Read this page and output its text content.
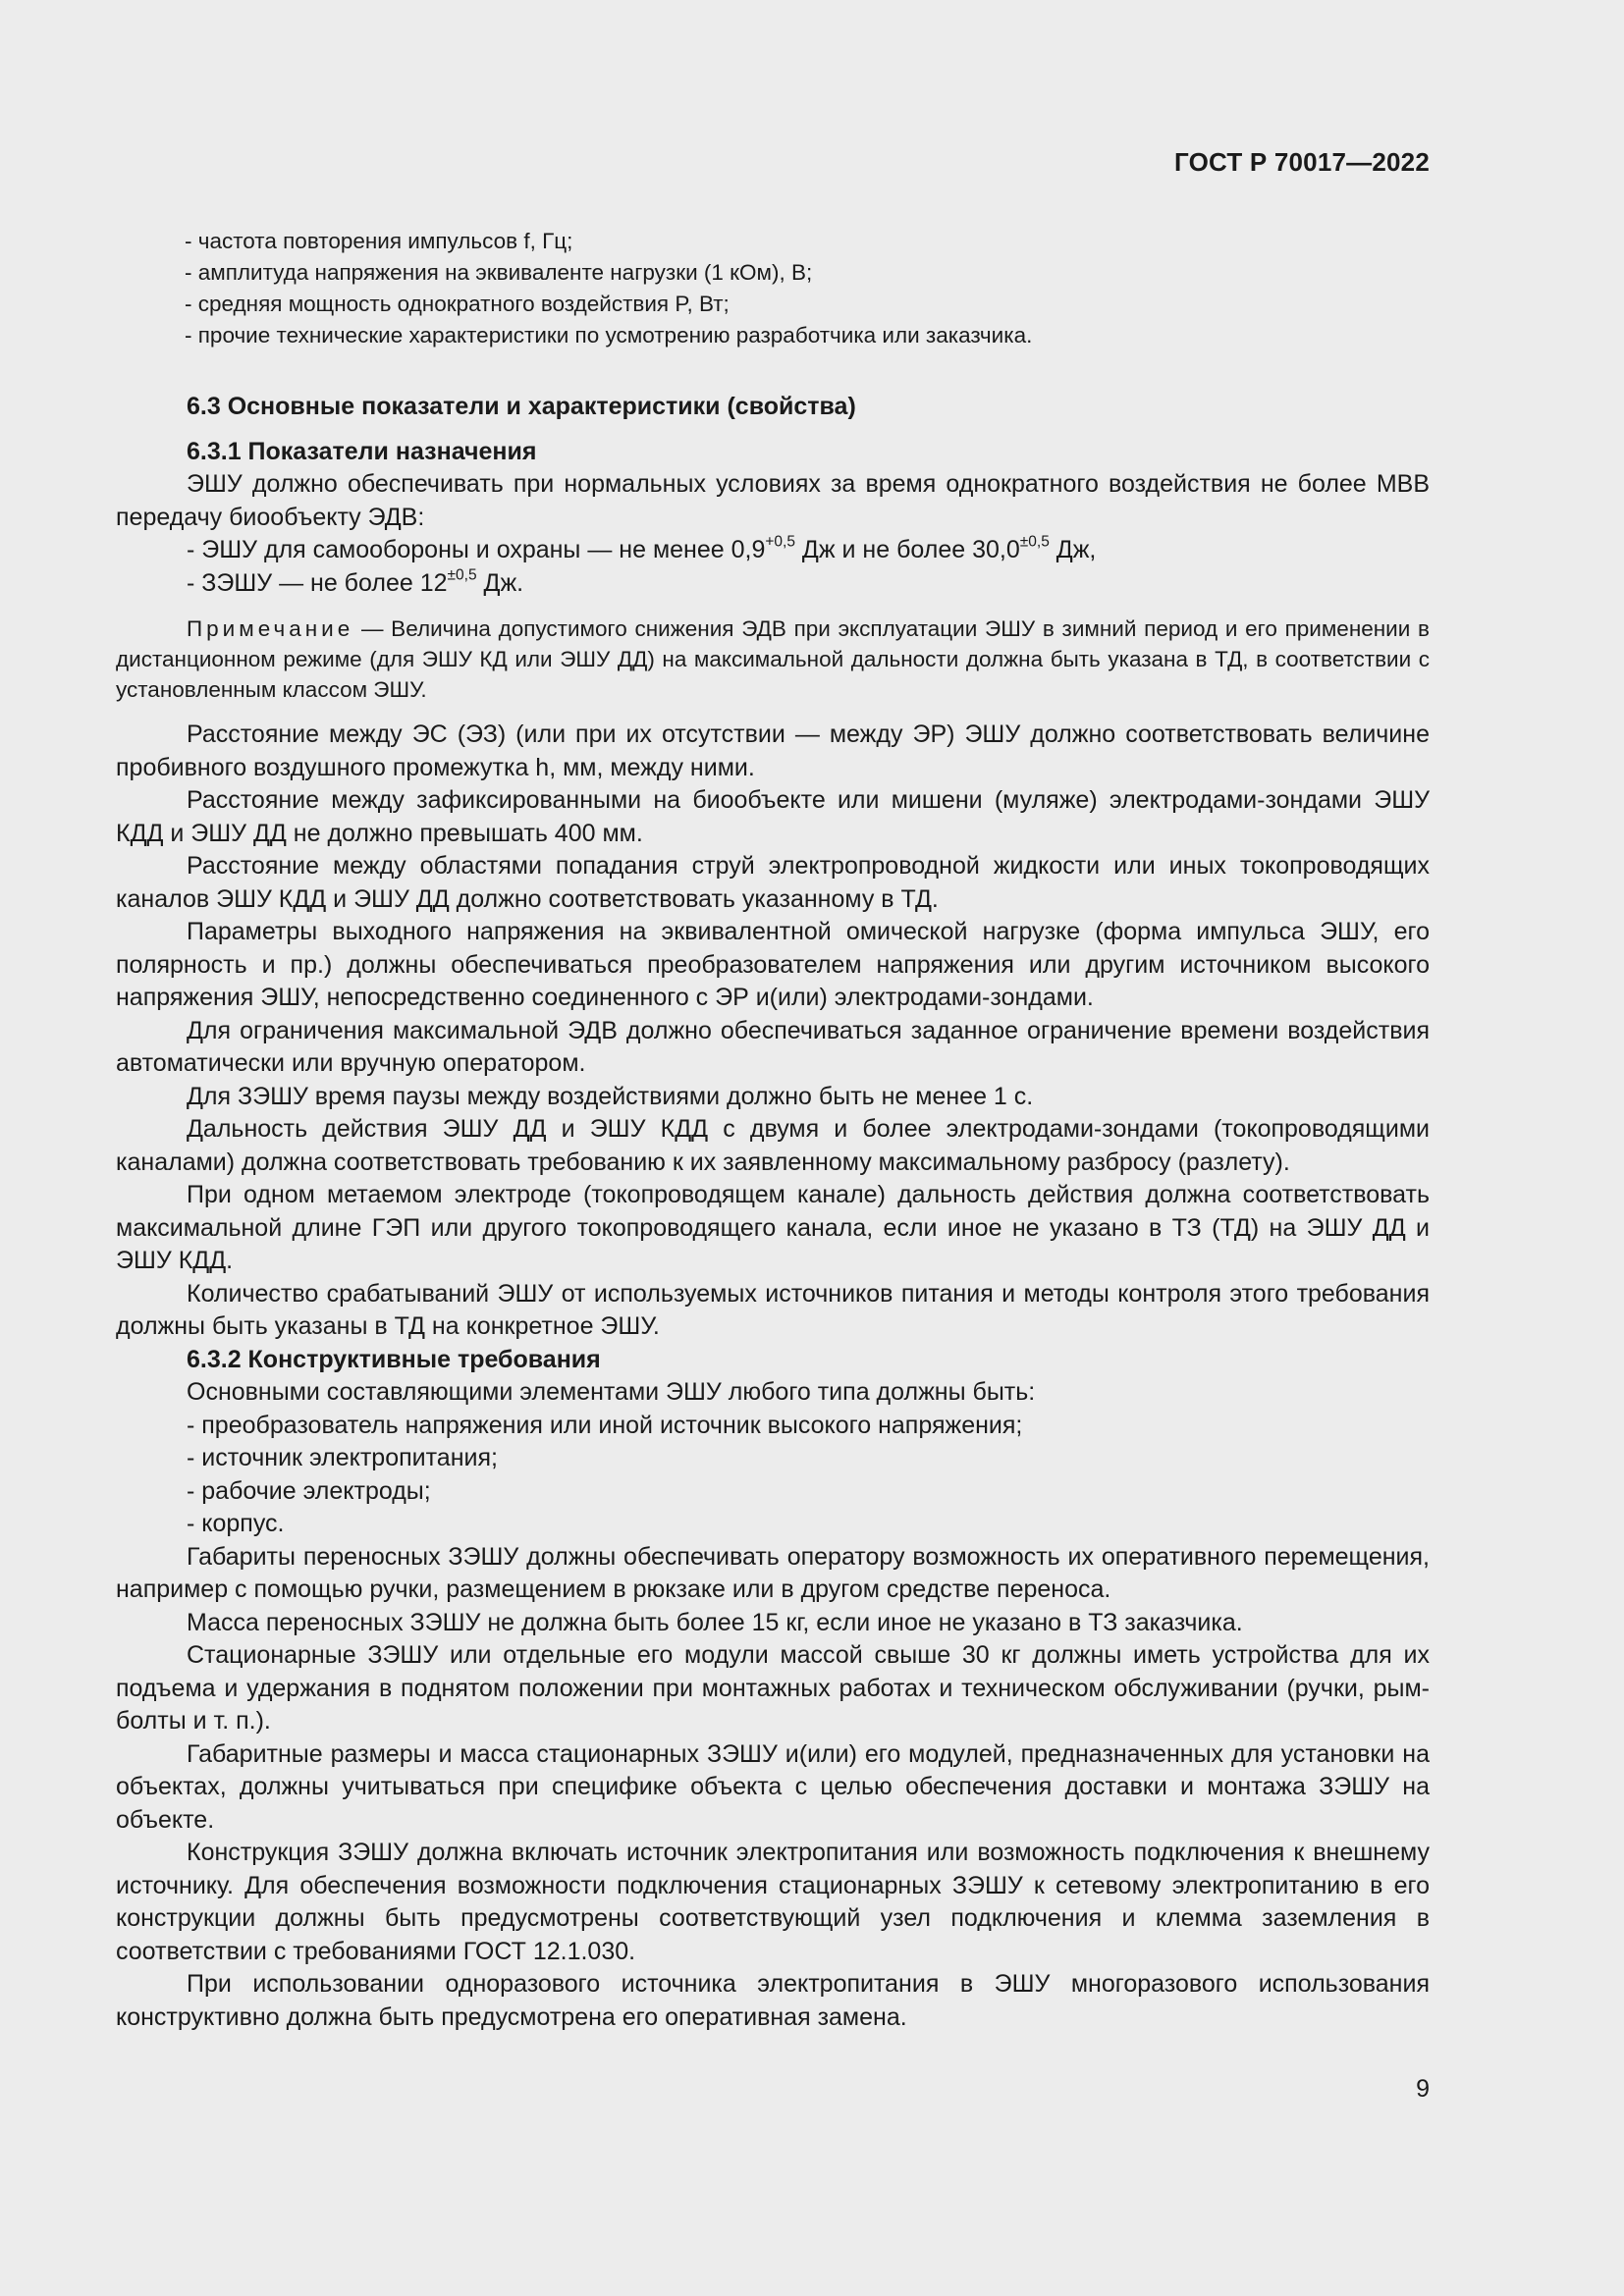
ГОСТ Р 70017—2022

- частота повторения импульсов f, Гц;

- амплитуда напряжения на эквиваленте нагрузки (1 кОм), В;

- средняя мощность однократного воздействия P, Вт;

- прочие технические характеристики по усмотрению разработчика или заказчика.

6.3 Основные показатели и характеристики (свойства)

6.3.1 Показатели назначения

ЭШУ должно обеспечивать при нормальных условиях за время однократного воздействия не более МВВ передачу биообъекту ЭДВ:

- ЭШУ для самообороны и охраны — не менее $0,9^{+0,5}$ Дж и не более $30,0^{\pm 0,5}$ Дж,

- ЗЭШУ — не более $12^{\pm 0,5}$ Дж.

Примечание — Величина допустимого снижения ЭДВ при эксплуатации ЭШУ в зимний период и его применении в дистанционном режиме (для ЭШУ КД или ЭШУ ДД) на максимальной дальности должна быть указана в ТД, в соответствии с установленным классом ЭШУ.

Расстояние между ЭС (ЭЗ) (или при их отсутствии — между ЭР) ЭШУ должно соответствовать величине пробивного воздушного промежутка h, мм, между ними.

Расстояние между зафиксированными на биообъекте или мишени (муляже) электродами-зондами ЭШУ КДД и ЭШУ ДД не должно превышать 400 мм.

Расстояние между областями попадания струй электропроводной жидкости или иных токопроводящих каналов ЭШУ КДД и ЭШУ ДД должно соответствовать указанному в ТД.

Параметры выходного напряжения на эквивалентной омической нагрузке (форма импульса ЭШУ, его полярность и пр.) должны обеспечиваться преобразователем напряжения или другим источником высокого напряжения ЭШУ, непосредственно соединенного с ЭР и(или) электродами-зондами.

Для ограничения максимальной ЭДВ должно обеспечиваться заданное ограничение времени воздействия автоматически или вручную оператором.

Для ЗЭШУ время паузы между воздействиями должно быть не менее 1 с.

Дальность действия ЭШУ ДД и ЭШУ КДД с двумя и более электродами-зондами (токопроводящими каналами) должна соответствовать требованию к их заявленному максимальному разбросу (разлету).

При одном метаемом электроде (токопроводящем канале) дальность действия должна соответствовать максимальной длине ГЭП или другого токопроводящего канала, если иное не указано в ТЗ (ТД) на ЭШУ ДД и ЭШУ КДД.

Количество срабатываний ЭШУ от используемых источников питания и методы контроля этого требования должны быть указаны в ТД на конкретное ЭШУ.

6.3.2 Конструктивные требования

Основными составляющими элементами ЭШУ любого типа должны быть:

- преобразователь напряжения или иной источник высокого напряжения;

- источник электропитания;

- рабочие электроды;

- корпус.

Габариты переносных ЗЭШУ должны обеспечивать оператору возможность их оперативного перемещения, например с помощью ручки, размещением в рюкзаке или в другом средстве переноса.

Масса переносных ЗЭШУ не должна быть более 15 кг, если иное не указано в ТЗ заказчика.

Стационарные ЗЭШУ или отдельные его модули массой свыше 30 кг должны иметь устройства для их подъема и удержания в поднятом положении при монтажных работах и техническом обслуживании (ручки, рым-болты и т. п.).

Габаритные размеры и масса стационарных ЗЭШУ и(или) его модулей, предназначенных для установки на объектах, должны учитываться при специфике объекта с целью обеспечения доставки и монтажа ЗЭШУ на объекте.

Конструкция ЗЭШУ должна включать источник электропитания или возможность подключения к внешнему источнику. Для обеспечения возможности подключения стационарных ЗЭШУ к сетевому электропитанию в его конструкции должны быть предусмотрены соответствующий узел подключения и клемма заземления в соответствии с требованиями ГОСТ 12.1.030.

При использовании одноразового источника электропитания в ЭШУ многоразового использования конструктивно должна быть предусмотрена его оперативная замена.

9
